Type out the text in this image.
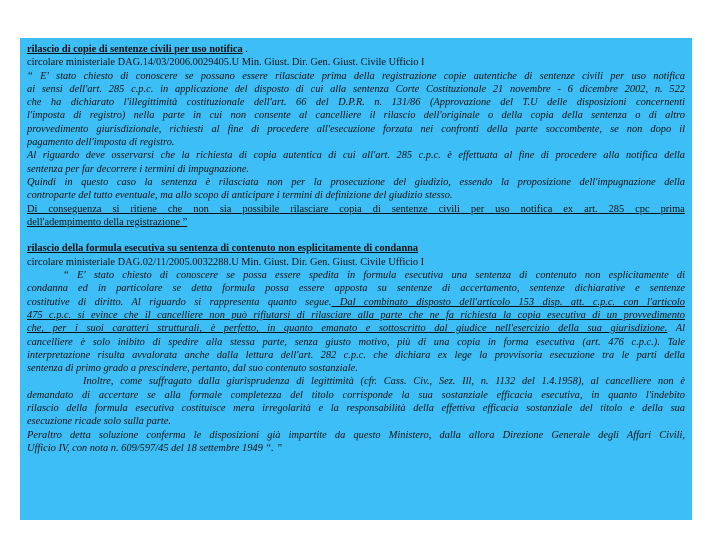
rilascio di copie di sentenze civili per uso notifica .
circolare ministeriale DAG.14/03/2006.0029405.U Min. Giust. Dir. Gen. Giust. Civile Ufficio I
“ E' stato chiesto di conoscere se possano essere rilasciate prima della registrazione copie autentiche di sentenze civili per uso notifica
ai sensi dell'art. 285 c.p.c. in applicazione del disposto di cui alla sentenza Corte Costituzionale 21 novembre - 6 dicembre 2002, n. 522
che ha dichiarato l'illegittimità costituzionale dell'art. 66 del D.P.R. n. 131/86 (Approvazione del T.U delle disposizioni concernenti
l'imposta di registro) nella parte in cui non consente al cancelliere il rilascio dell'originale o della copia della sentenza o di altro
provvedimento giurisdizionale, richiesti al fine di procedere all'esecuzione forzata nei confronti della parte soccombente, se non dopo il
pagamento dell'imposta di registro.
Al riguardo deve osservarsi che la richiesta di copia autentica di cui all'art. 285 c.p.c. è effettuata al fine di procedere alla notifica della
sentenza per far decorrere i termini di impugnazione.
Quindi in questo caso la sentenza è rilasciata non per la prosecuzione del giudizio, essendo la proposizione dell'impugnazione della
controparte del tutto eventuale, ma allo scopo di anticipare i termini di definizione del giudizio stesso.
Di conseguenza si ritiene che non sia possibile rilasciare copia di sentenze civili per uso notifica ex art. 285 cpc prima
dell'adempimento della registrazione ”
rilascio della formula esecutiva su sentenza di contenuto non esplicitamente di condanna
circolare ministeriale DAG.02/11/2005.0032288.U Min. Giust. Dir. Gen. Giust. Civile Ufficio I
“ E' stato chiesto di conoscere se possa essere spedita in formula esecutiva una sentenza di contenuto non esplicitamente di
condanna ed in particolare se detta formula possa essere apposta su sentenze di accertamento, sentenze dichiarative e sentenze
costitutive di diritto. Al riguardo si rappresenta quanto segue. Dal combinato disposto dell'articolo 153 disp. att. c.p.c. con l'articolo
475 c.p.c. si evince che il cancelliere non può rifiutarsi di rilasciare alla parte che ne fa richiesta la copia esecutiva di un provvedimento
che, per i suoi caratteri strutturali, è perfetto, in quanto emanato e sottoscritto dal giudice nell'esercizio della sua giurisdizione. Al
cancelliere è solo inibito di spedire alla stessa parte, senza giusto motivo, più di una copia in forma esecutiva (art. 476 c.p.c.). Tale
interpretazione risulta avvalorata anche dalla lettura dell'art. 282 c.p.c. che dichiara ex lege la provvisoria esecuzione tra le parti della
sentenza di primo grado a prescindere, pertanto, dal suo contenuto sostanziale.
Inoltre, come suffragato dalla giurisprudenza di legittimità (cfr. Cass. Civ., Sez. Ill, n. 1132 del 1.4.1958), al cancelliere non è
demandato di accertare se alla formale completezza del titolo corrisponde la sua sostanziale efficacia esecutiva, in quanto l'indebito
rilascio della formula esecutiva costituisce mera irregolarità e la responsabilità della effettiva efficacia sostanziale del titolo e della sua
esecuzione ricade solo sulla parte.
Peraltro detta soluzione conferma le disposizioni già impartite da questo Ministero, dalla allora Direzione Generale degli Affari Civili,
Ufficio IV, con nota n. 609/597/45 del 18 settembre 1949 “. ”
